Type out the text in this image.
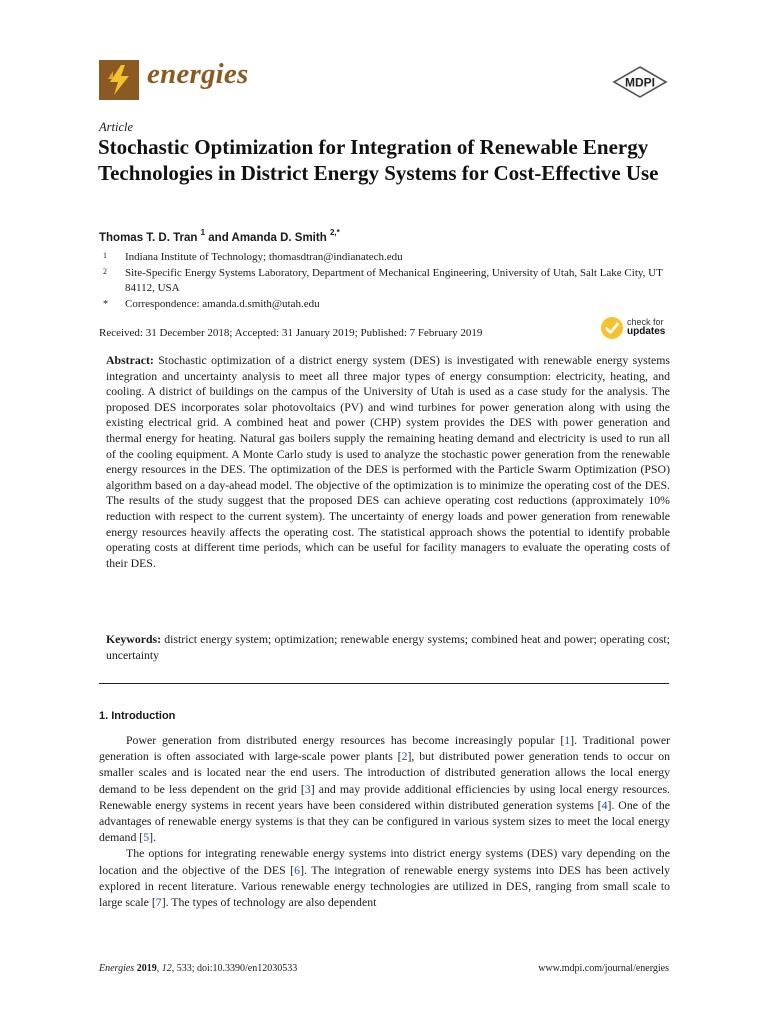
energies	MDPI
Article
Stochastic Optimization for Integration of Renewable Energy Technologies in District Energy Systems for Cost-Effective Use
Thomas T. D. Tran $^1$ and Amanda D. Smith $^{2,*}$
1 Indiana Institute of Technology; thomasdtran@indianatech.edu
2 Site-Specific Energy Systems Laboratory, Department of Mechanical Engineering, University of Utah, Salt Lake City, UT 84112, USA
* Correspondence: amanda.d.smith@utah.edu
Received: 31 December 2018; Accepted: 31 January 2019; Published: 7 February 2019
check for
updates
Abstract: Stochastic optimization of a district energy system (DES) is investigated with renewable energy systems integration and uncertainty analysis to meet all three major types of energy consumption: electricity, heating, and cooling. A district of buildings on the campus of the University of Utah is used as a case study for the analysis. The proposed DES incorporates solar photovoltaics (PV) and wind turbines for power generation along with using the existing electrical grid. A combined heat and power (CHP) system provides the DES with power generation and thermal energy for heating. Natural gas boilers supply the remaining heating demand and electricity is used to run all of the cooling equipment. A Monte Carlo study is used to analyze the stochastic power generation from the renewable energy resources in the DES. The optimization of the DES is performed with the Particle Swarm Optimization (PSO) algorithm based on a day-ahead model. The objective of the optimization is to minimize the operating cost of the DES. The results of the study suggest that the proposed DES can achieve operating cost reductions (approximately 10% reduction with respect to the current system). The uncertainty of energy loads and power generation from renewable energy resources heavily affects the operating cost. The statistical approach shows the potential to identify probable operating costs at different time periods, which can be useful for facility managers to evaluate the operating costs of their DES.
Keywords: district energy system; optimization; renewable energy systems; combined heat and power; operating cost; uncertainty
1. Introduction

Power generation from distributed energy resources has become increasingly popular [1]. Traditional power generation is often associated with large-scale power plants [2], but distributed power generation tends to occur on smaller scales and is located near the end users. The introduction of distributed generation allows the local energy demand to be less dependent on the grid [3] and may provide additional efficiencies by using local energy resources. Renewable energy systems in recent years have been considered within distributed generation systems [4]. One of the advantages of renewable energy systems is that they can be configured in various system sizes to meet the local energy demand [5].

The options for integrating renewable energy systems into district energy systems (DES) vary depending on the location and the objective of the DES [6]. The integration of renewable energy systems into DES has been actively explored in recent literature. Various renewable energy technologies are utilized in DES, ranging from small scale to large scale [7]. The types of technology are also dependent

Energies 2019, 12, 533; doi:10.3390/en12030533	www.mdpi.com/journal/energies
